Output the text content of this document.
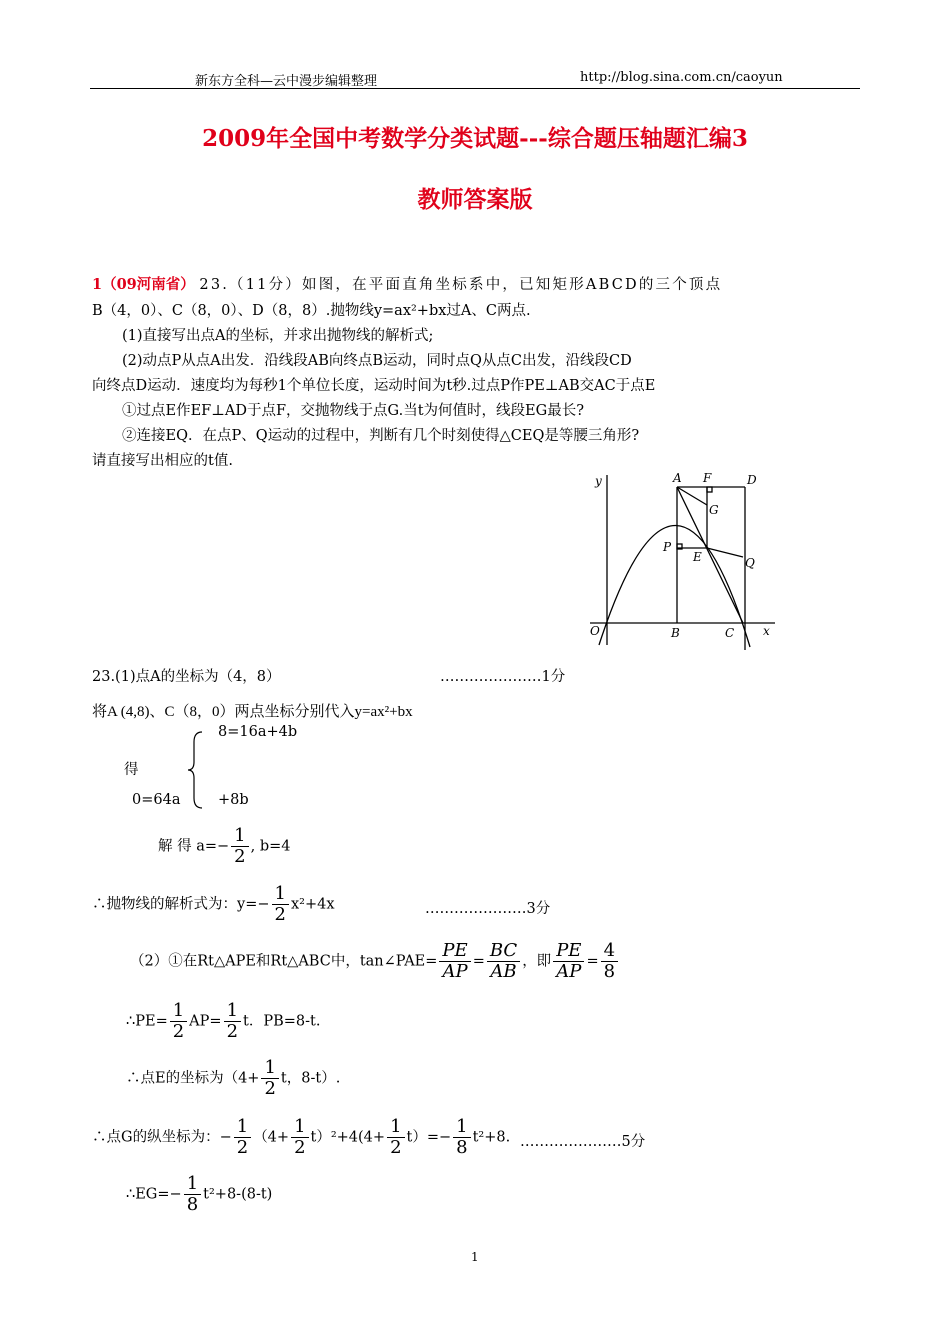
新东方全科—云中漫步编辑整理	http://blog.sina.com.cn/caoyun
2009年全国中考数学分类试题---综合题压轴题汇编3
教师答案版
1（09河南省） 23.（11分）如图，在平面直角坐标系中，已知矩形ABCD的三个顶点
B（4，0）、C（8，0）、D（8，8）.抛物线y=ax²+bx过A、C两点.
(1)直接写出点A的坐标，并求出抛物线的解析式;
(2)动点P从点A出发．沿线段AB向终点B运动，同时点Q从点C出发，沿线段CD
向终点D运动．速度均为每秒1个单位长度，运动时间为t秒.过点P作PE⊥AB交AC于点E
①过点E作EF⊥AD于点F，交抛物线于点G.当t为何值时，线段EG最长?
②连接EQ．在点P、Q运动的过程中，判断有几个时刻使得△CEQ是等腰三角形?
请直接写出相应的t值.
y	A F	D
G
P
E	Q
O	B	C x
23.(1)点A的坐标为（4，8）	…………………1分
将A (4,8)、C（8，0）两点坐标分别代入y=ax²+bx
8=16a+4b
得
0=64a	+8b
解 得 $a=- \frac{1}{2}$ , b=4
∴抛物线的解析式为：$y=- \frac{1}{2} x^2+4x$	…………………3分
（2）①在Rt△APE和Rt△ABC中，tan∠PAE= $\frac{PE}{AP} = \frac{BC}{AB}$ ，即 $\frac{PE}{AP} = \frac{4}{8}$
∴PE= $\frac{1}{2} AP= \frac{1}{2}$ t．PB=8-t.
∴点E的坐标为（$4+ \frac{1}{2}$ t，8-t）.
∴点G的纵坐标为：− $\frac{1}{2} (4+ \frac{1}{2} t)^2+4(4+ \frac{1}{2} t)=- \frac{1}{8} t^2+8$. …………………5分
∴EG=− $\frac{1}{8} t^2+8-(8-t)$
1
